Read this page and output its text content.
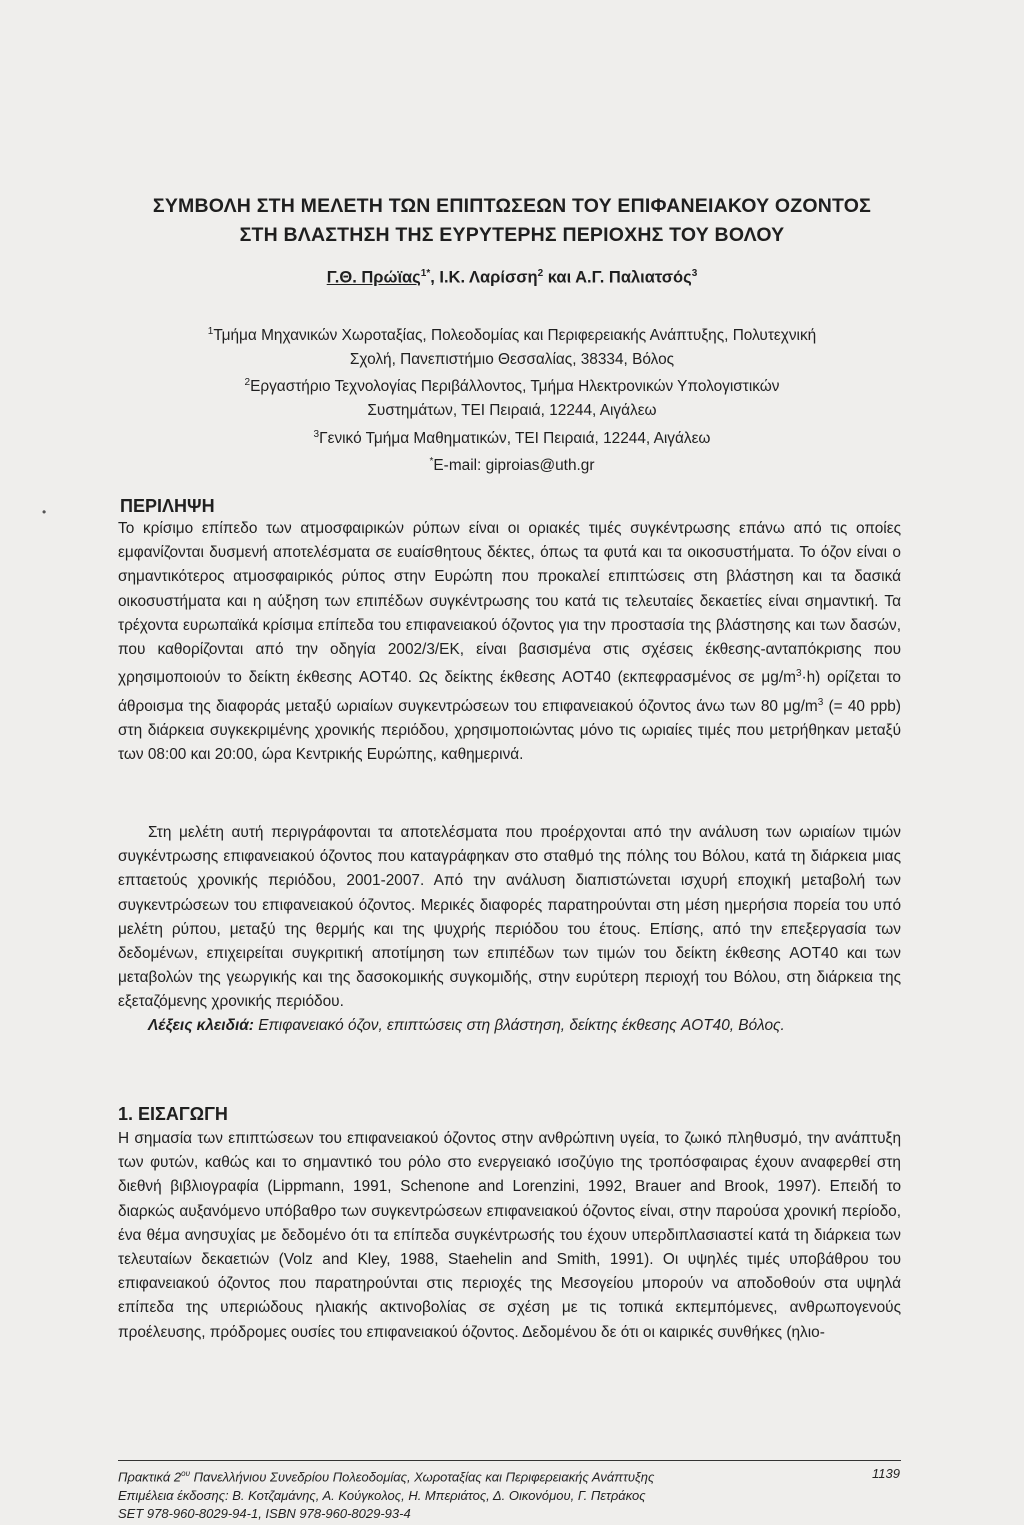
ΣΥΜΒΟΛΗ ΣΤΗ ΜΕΛΕΤΗ ΤΩΝ ΕΠΙΠΤΩΣΕΩΝ ΤΟΥ ΕΠΙΦΑΝΕΙΑΚΟΥ ΟΖΟΝΤΟΣ
ΣΤΗ ΒΛΑΣΤΗΣΗ ΤΗΣ ΕΥΡΥΤΕΡΗΣ ΠΕΡΙΟΧΗΣ ΤΟΥ ΒΟΛΟΥ
Γ.Θ. Πρώϊας$^{1*}$, Ι.Κ. Λαρίσση$^2$ και Α.Γ. Παλιατσός$^3$
$^1$Τμήμα Μηχανικών Χωροταξίας, Πολεοδομίας και Περιφερειακής Ανάπτυξης, Πολυτεχνική
Σχολή, Πανεπιστήμιο Θεσσαλίας, 38334, Βόλος
$^2$Εργαστήριο Τεχνολογίας Περιβάλλοντος, Τμήμα Ηλεκτρονικών Υπολογιστικών
Συστημάτων, ΤΕΙ Πειραιά, 12244, Αιγάλεω
$^3$Γενικό Τμήμα Μαθηματικών, ΤΕΙ Πειραιά, 12244, Αιγάλεω
*E-mail: giproias@uth.gr
•	ΠΕΡΙΛΗΨΗ

Το κρίσιμο επίπεδο των ατμοσφαιρικών ρύπων είναι οι οριακές τιμές συγκέντρωσης επάνω από τις οποίες εμφανίζονται δυσμενή αποτελέσματα σε ευαίσθητους δέκτες, όπως τα φυτά και τα οικοσυστήματα. Το όζον είναι ο σημαντικότερος ατμοσφαιρικός ρύπος στην Ευρώπη που προκαλεί επιπτώσεις στη βλάστηση και τα δασικά οικοσυστήματα και η αύξηση των επιπέδων συγκέντρωσης του κατά τις τελευταίες δεκαετίες είναι σημαντική. Τα τρέχοντα ευρωπαϊκά κρίσιμα επίπεδα του επιφανειακού όζοντος για την προστασία της βλάστησης και των δασών, που καθορίζονται από την οδηγία 2002/3/ΕΚ, είναι βασισμένα στις σχέσεις έκθεσης-ανταπόκρισης που χρησιμοποιούν το δείκτη έκθεσης AOT40. Ως δείκτης έκθεσης AOT40 (εκπεφρασμένος σε $\mu g/m^3\cdot h$) ορίζεται το άθροισμα της διαφοράς μεταξύ ωριαίων συγκεντρώσεων του επιφανειακού όζοντος άνω των 80 $\mu g/m^3$ (= 40 ppb) στη διάρκεια συγκεκριμένης χρονικής περιόδου, χρησιμοποιώντας μόνο τις ωριαίες τιμές που μετρήθηκαν μεταξύ των 08:00 και 20:00, ώρα Κεντρικής Ευρώπης, καθημερινά.

Στη μελέτη αυτή περιγράφονται τα αποτελέσματα που προέρχονται από την ανάλυση των ωριαίων τιμών συγκέντρωσης επιφανειακού όζοντος που καταγράφηκαν στο σταθμό της πόλης του Βόλου, κατά τη διάρκεια μιας επταετούς χρονικής περιόδου, 2001-2007. Από την ανάλυση διαπιστώνεται ισχυρή εποχική μεταβολή των συγκεντρώσεων του επιφανειακού όζοντος. Μερικές διαφορές παρατηρούνται στη μέση ημερήσια πορεία του υπό μελέτη ρύπου, μεταξύ της θερμής και της ψυχρής περιόδου του έτους. Επίσης, από την επεξεργασία των δεδομένων, επιχειρείται συγκριτική αποτίμηση των επιπέδων των τιμών του δείκτη έκθεσης AOT40 και των μεταβολών της γεωργικής και της δασοκομικής συγκομιδής, στην ευρύτερη περιοχή του Βόλου, στη διάρκεια της εξεταζόμενης χρονικής περιόδου.

Λέξεις κλειδιά: Επιφανειακό όζον, επιπτώσεις στη βλάστηση, δείκτης έκθεσης AOT40, Βόλος.
1. ΕΙΣΑΓΩΓΗ

Η σημασία των επιπτώσεων του επιφανειακού όζοντος στην ανθρώπινη υγεία, το ζωικό πληθυσμό, την ανάπτυξη των φυτών, καθώς και το σημαντικό του ρόλο στο ενεργειακό ισοζύγιο της τροπόσφαιρας έχουν αναφερθεί στη διεθνή βιβλιογραφία (Lippmann, 1991, Schenone and Lorenzini, 1992, Brauer and Brook, 1997). Επειδή το διαρκώς αυξανόμενο υπόβαθρο των συγκεντρώσεων επιφανειακού όζοντος είναι, στην παρούσα χρονική περίοδο, ένα θέμα ανησυχίας με δεδομένο ότι τα επίπεδα συγκέντρωσής του έχουν υπερδιπλασιαστεί κατά τη διάρκεια των τελευταίων δεκαετιών (Volz and Kley, 1988, Staehelin and Smith, 1991). Οι υψηλές τιμές υποβάθρου του επιφανειακού όζοντος που παρατηρούνται στις περιοχές της Μεσογείου μπορούν να αποδοθούν στα υψηλά επίπεδα της υπεριώδους ηλιακής ακτινοβολίας σε σχέση με τις τοπικά εκπεμπόμενες, ανθρωπογενούς προέλευσης, πρόδρομες ουσίες του επιφανειακού όζοντος. Δεδομένου δε ότι οι καιρικές συνθήκες (ηλιο-

Πρακτικά $2^{o\upsilon}$ Πανελλήνιου Συνεδρίου Πολεοδομίας, Χωροταξίας και Περιφερειακής Ανάπτυξης	1139
Επιμέλεια έκδοσης: Β. Κοτζαμάνης, Α. Κούγκολος, Η. Μπεριάτος, Δ. Οικονόμου, Γ. Πετράκος
SET 978-960-8029-94-1, ISBN 978-960-8029-93-4
